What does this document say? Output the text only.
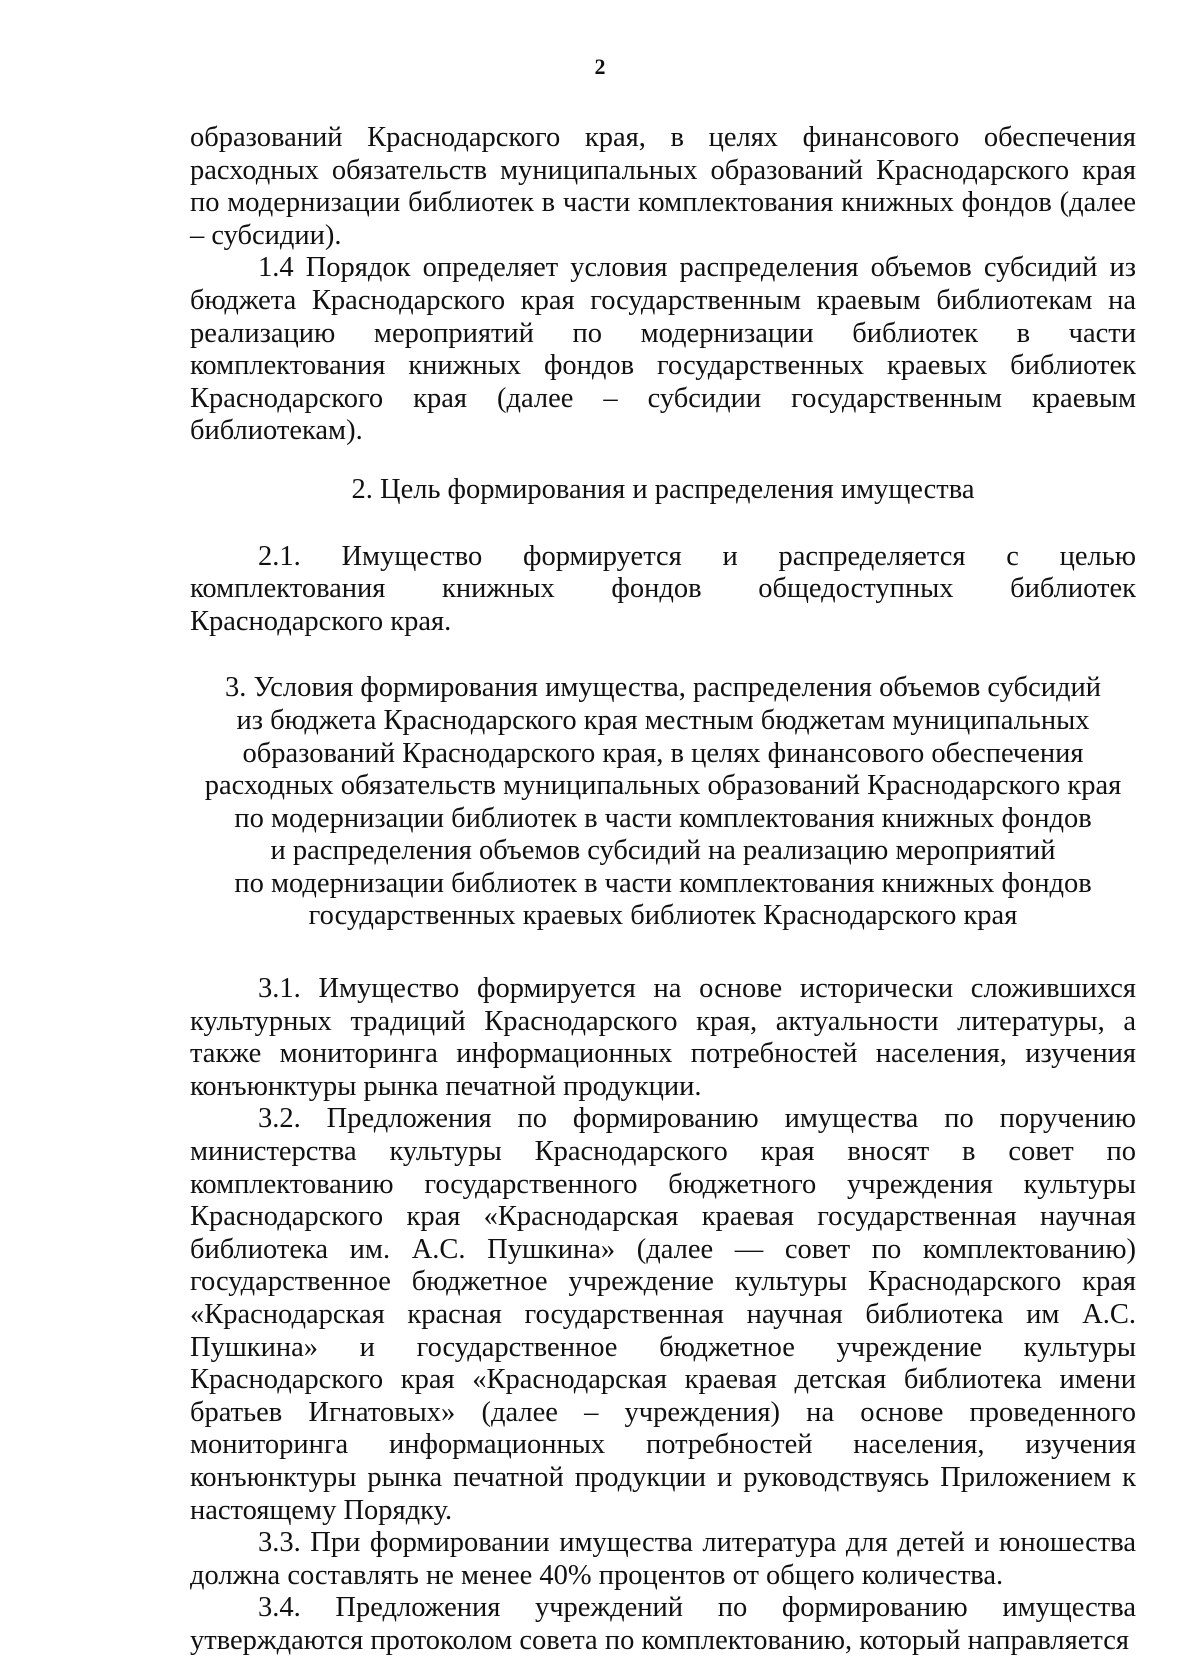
2

образований Краснодарского края, в целях финансового обеспечения расходных обязательств муниципальных образований Краснодарского края по модернизации библиотек в части комплектования книжных фондов (далее – субсидии).

1.4 Порядок определяет условия распределения объемов субсидий из бюджета Краснодарского края государственным краевым библиотекам на реализацию мероприятий по модернизации библиотек в части комплектования книжных фондов государственных краевых библиотек Краснодарского края (далее – субсидии государственным краевым библиотекам).

2. Цель формирования и распределения имущества

2.1. Имущество формируется и распределяется с целью комплектования книжных фондов общедоступных библиотек Краснодарского края.

3. Условия формирования имущества, распределения объемов субсидий
из бюджета Краснодарского края местным бюджетам муниципальных
образований Краснодарского края, в целях финансового обеспечения
расходных обязательств муниципальных образований Краснодарского края
по модернизации библиотек в части комплектования книжных фондов
и распределения объемов субсидий на реализацию мероприятий
по модернизации библиотек в части комплектования книжных фондов
государственных краевых библиотек Краснодарского края

3.1. Имущество формируется на основе исторически сложившихся культурных традиций Краснодарского края, актуальности литературы, а также мониторинга информационных потребностей населения, изучения конъюнктуры рынка печатной продукции.

3.2. Предложения по формированию имущества по поручению министерства культуры Краснодарского края вносят в совет по комплектованию государственного бюджетного учреждения культуры Краснодарского края «Краснодарская краевая государственная научная библиотека им. А.С. Пушкина» (далее — совет по комплектованию) государственное бюджетное учреждение культуры Краснодарского края «Краснодарская красная государственная научная библиотека им А.С. Пушкина» и государственное бюджетное учреждение культуры Краснодарского края «Краснодарская краевая детская библиотека имени братьев Игнатовых» (далее – учреждения) на основе проведенного мониторинга информационных потребностей населения, изучения конъюнктуры рынка печатной продукции и руководствуясь Приложением к настоящему Порядку.

3.3. При формировании имущества литература для детей и юношества должна составлять не менее 40% процентов от общего количества.

3.4. Предложения учреждений по формированию имущества утверждаются протоколом совета по комплектованию, который направляется
